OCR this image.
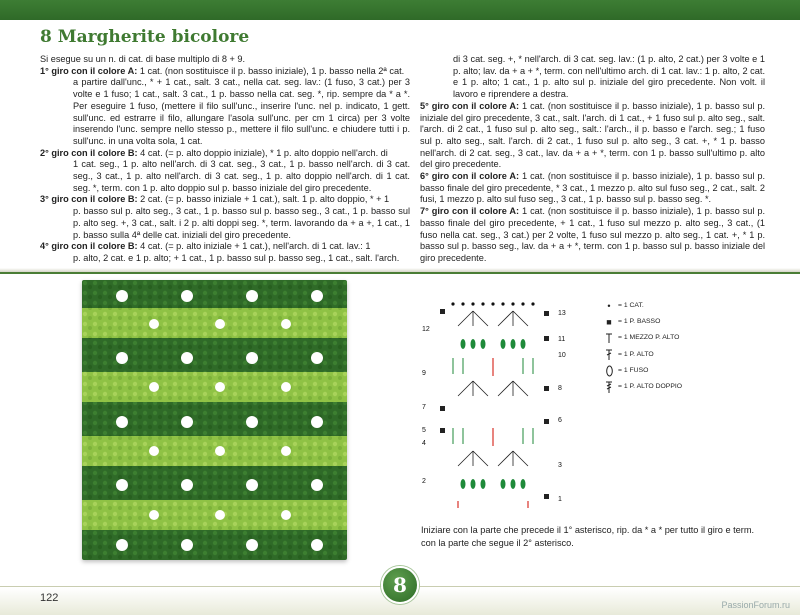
8 Margherite bicolore

Si esegue su un n. di cat. di base multiplo di 8 + 9.

1° giro con il colore A: 1 cat. (non sostituisce il p. basso iniziale), 1 p. basso nella 2ª cat.
a partire dall'unc., * + 1 cat., salt. 3 cat., nella cat. seg. lav.: (1 fuso, 3 cat.) per 3 volte e 1 fuso; 1 cat., salt. 3 cat., 1 p. basso nella cat. seg. *, rip. sempre da * a *. Per eseguire 1 fuso, (mettere il filo sull'unc., inserire l'unc. nel p. indicato, 1 gett. sull'unc. ed estrarre il filo, allungare l'asola sull'unc. per cm 1 circa) per 3 volte inserendo l'unc. sempre nello stesso p., mettere il filo sull'unc. e chiudere tutti i p. sull'unc. in una volta sola, 1 cat.
2° giro con il colore B: 4 cat. (= p. alto doppio iniziale), * 1 p. alto doppio nell'arch. di
1 cat. seg., 1 p. alto nell'arch. di 3 cat. seg., 3 cat., 1 p. basso nell'arch. di 3 cat. seg., 3 cat., 1 p. alto nell'arch. di 3 cat. seg., 1 p. alto doppio nell'arch. di 1 cat. seg. *, term. con 1 p. alto doppio sul p. basso iniziale del giro precedente.
3° giro con il colore B: 2 cat. (= p. basso iniziale + 1 cat.), salt. 1 p. alto doppio, * + 1
p. basso sul p. alto seg., 3 cat., 1 p. basso sul p. basso seg., 3 cat., 1 p. basso sul p. alto seg. +, 3 cat., salt. i 2 p. alti doppi seg. *, term. lavorando da + a +, 1 cat., 1 p. basso sulla 4ª delle cat. iniziali del giro precedente.
4° giro con il colore B: 4 cat. (= p. alto iniziale + 1 cat.), nell'arch. di 1 cat. lav.: 1
p. alto, 2 cat. e 1 p. alto; + 1 cat., 1 p. basso sul p. basso seg., 1 cat., salt. l'arch.
di 3 cat. seg. +, * nell'arch. di 3 cat. seg. lav.: (1 p. alto, 2 cat.) per 3 volte e 1 p. alto; lav. da + a + *, term. con nell'ultimo arch. di 1 cat. lav.: 1 p. alto, 2 cat. e 1 p. alto; 1 cat., 1 p. alto sul p. iniziale del giro precedente. Non volt. il lavoro e riprendere a destra.
5° giro con il colore A: 1 cat. (non sostituisce il p. basso iniziale), 1 p. basso sul p. iniziale del giro precedente, 3 cat., salt. l'arch. di 1 cat., + 1 fuso sul p. alto seg., salt. l'arch. di 2 cat., 1 fuso sul p. alto seg., salt.: l'arch., il p. basso e l'arch. seg.; 1 fuso sul p. alto seg., salt. l'arch. di 2 cat., 1 fuso sul p. alto seg., 3 cat. +, * 1 p. basso nell'arch. di 2 cat. seg., 3 cat., lav. da + a + *, term. con 1 p. basso sull'ultimo p. alto del giro precedente.
6° giro con il colore A: 1 cat. (non sostituisce il p. basso iniziale), 1 p. basso sul p. basso finale del giro precedente, * 3 cat., 1 mezzo p. alto sul fuso seg., 2 cat., salt. 2 fusi, 1 mezzo p. alto sul fuso seg., 3 cat., 1 p. basso sul p. basso seg. *.
7° giro con il colore A: 1 cat. (non sostituisce il p. basso iniziale), 1 p. basso sul p. basso finale del giro precedente, + 1 cat., 1 fuso sul mezzo p. alto seg., 3 cat., (1 fuso nella cat. seg., 3 cat.) per 2 volte, 1 fuso sul mezzo p. alto seg., 1 cat. +, * 1 p. basso sul p. basso seg., lav. da + a + *, term. con 1 p. basso sul p. basso iniziale del giro precedente.
13
11
10
8
6
3
1
12
9
7
5
4
2
•	= 1 CAT.
■ = 1 P. BASSO
= 1 MEZZO P. ALTO
= 1 P. ALTO
= 1 FUSO
= 1 P. ALTO DOPPIO
Iniziare con la parte che precede il 1° asterisco, rip. da * a * per tutto il giro e term. con la parte che segue il 2° asterisco.
122
8
PassionForum.ru
